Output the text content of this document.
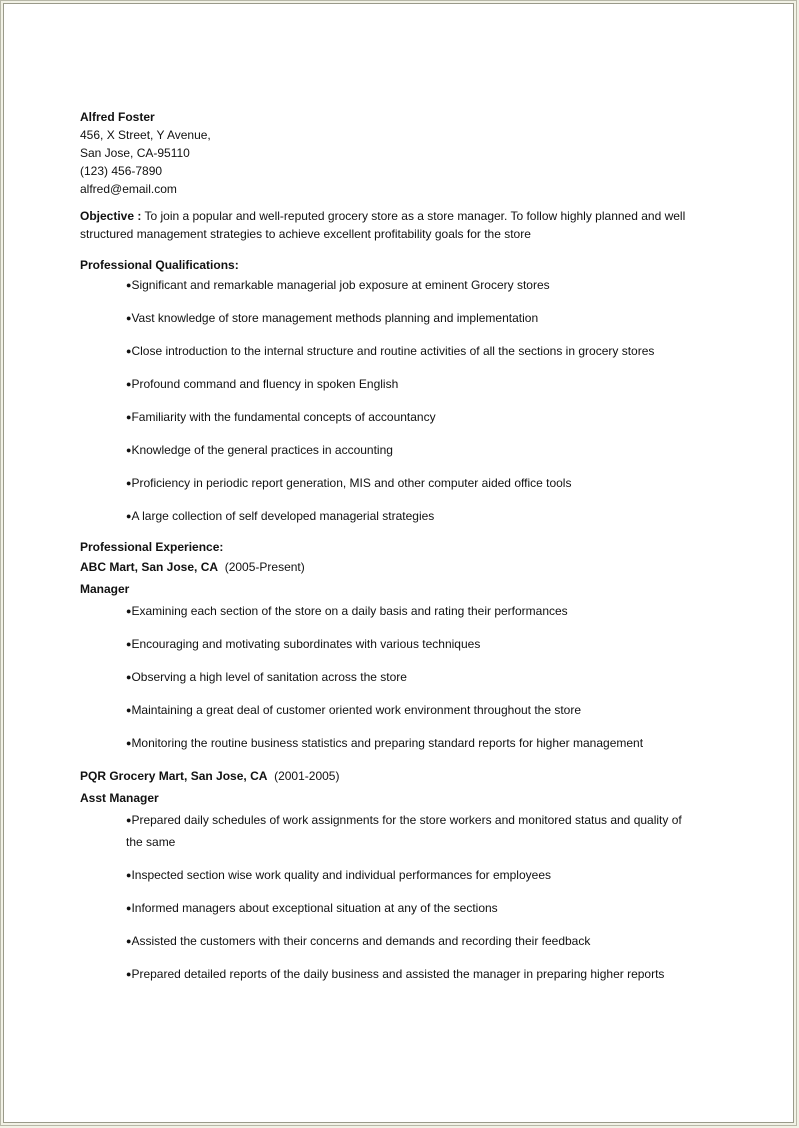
Alfred Foster
456, X Street, Y Avenue,
San Jose, CA-95110
(123) 456-7890
alfred@email.com
Objective : To join a popular and well-reputed grocery store as a store manager. To follow highly planned and well structured management strategies to achieve excellent profitability goals for the store
Professional Qualifications:
●Significant and remarkable managerial job exposure at eminent Grocery stores
●Vast knowledge of store management methods planning and implementation
●Close introduction to the internal structure and routine activities of all the sections in grocery stores
●Profound command and fluency in spoken English
●Familiarity with the fundamental concepts of accountancy
●Knowledge of the general practices in accounting
●Proficiency in periodic report generation, MIS and other computer aided office tools
●A large collection of self developed managerial strategies
Professional Experience:
ABC Mart, San Jose, CA (2005-Present)
Manager
●Examining each section of the store on a daily basis and rating their performances
●Encouraging and motivating subordinates with various techniques
●Observing a high level of sanitation across the store
●Maintaining a great deal of customer oriented work environment throughout the store
●Monitoring the routine business statistics and preparing standard reports for higher management
PQR Grocery Mart, San Jose, CA (2001-2005)
Asst Manager
●Prepared daily schedules of work assignments for the store workers and monitored status and quality of the same
●Inspected section wise work quality and individual performances for employees
●Informed managers about exceptional situation at any of the sections
●Assisted the customers with their concerns and demands and recording their feedback
●Prepared detailed reports of the daily business and assisted the manager in preparing higher reports
